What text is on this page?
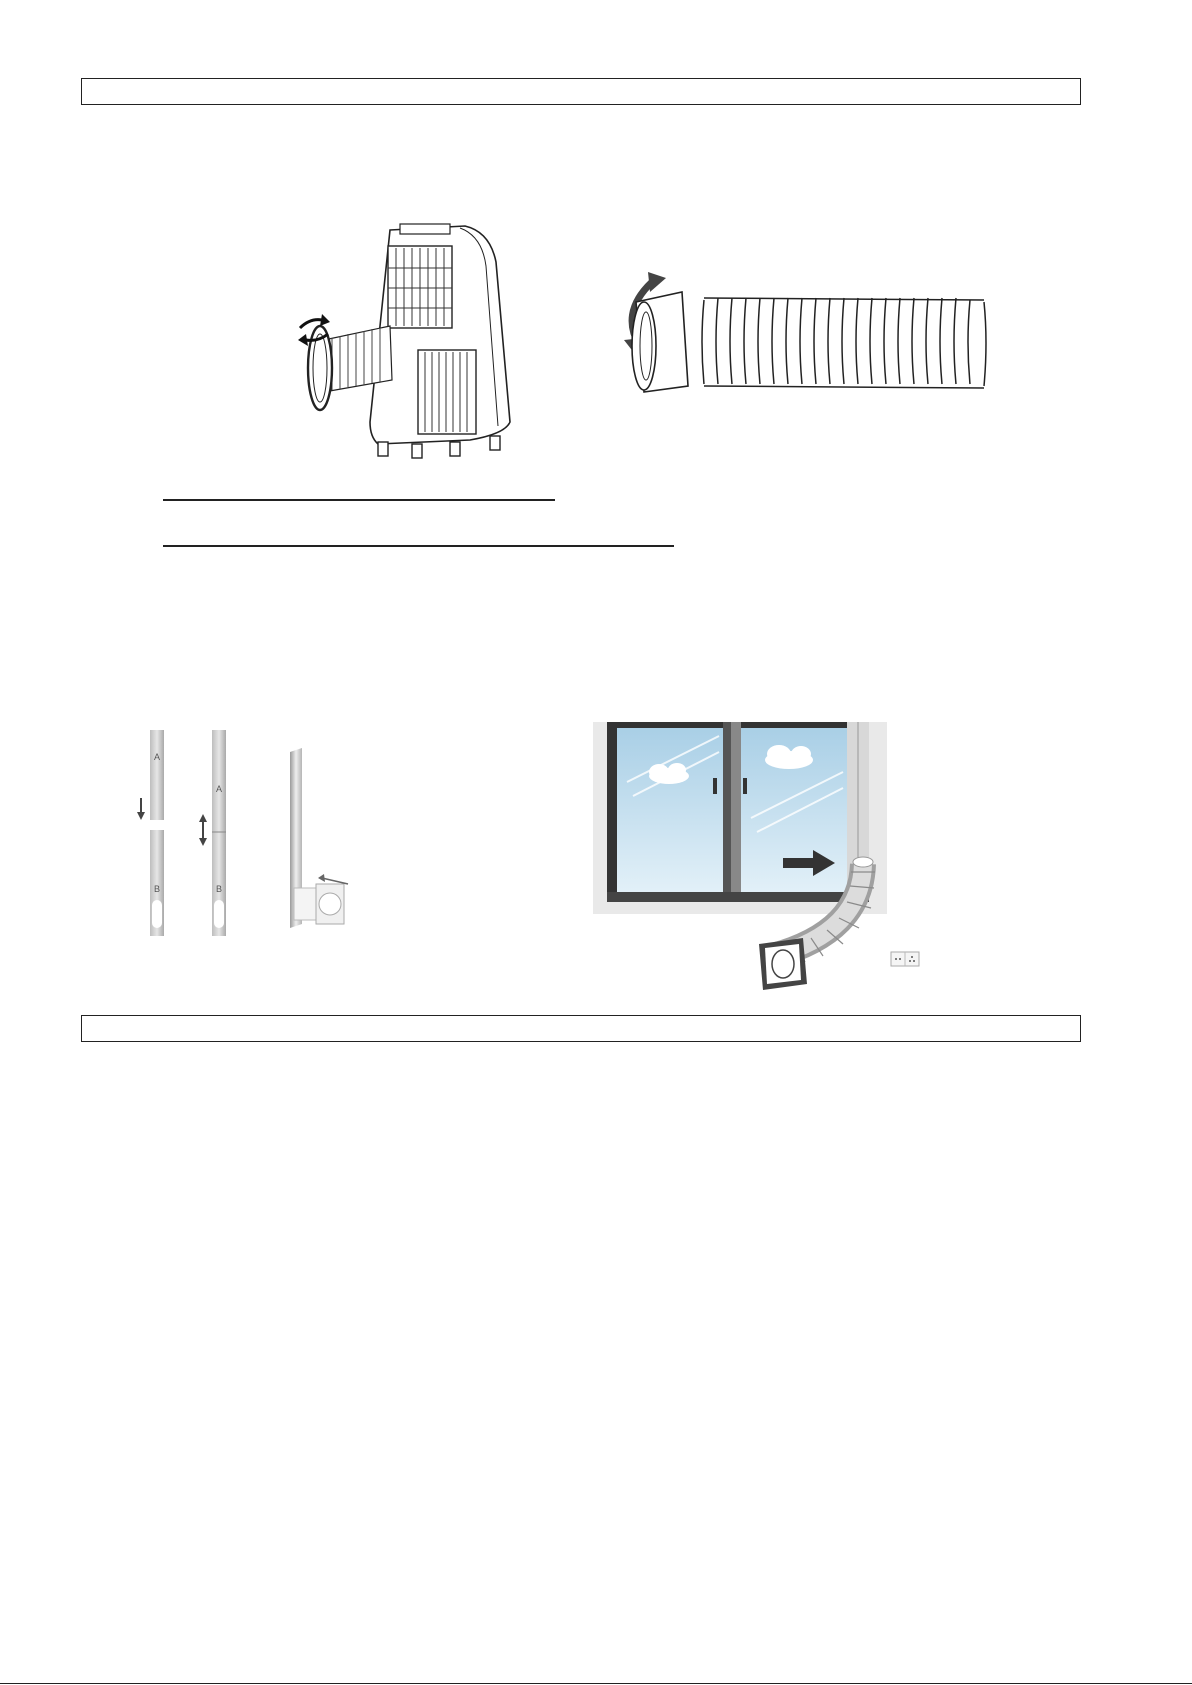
A
B
A
B
